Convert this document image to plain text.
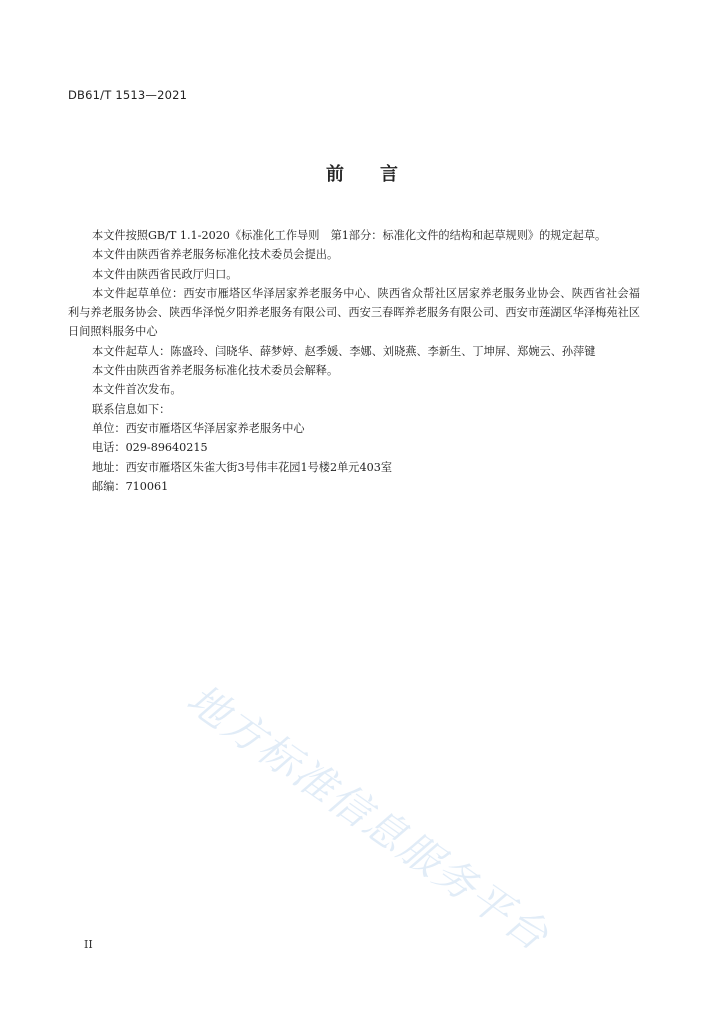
DB61/T 1513—2021
前 言

本文件按照GB/T 1.1-2020《标准化工作导则　第1部分：标准化文件的结构和起草规则》的规定起草。

本文件由陕西省养老服务标准化技术委员会提出。

本文件由陕西省民政厅归口。

本文件起草单位：西安市雁塔区华泽居家养老服务中心、陕西省众帮社区居家养老服务业协会、陕西省社会福利与养老服务协会、陕西华泽悦夕阳养老服务有限公司、西安三春晖养老服务有限公司、西安市莲湖区华泽梅苑社区日间照料服务中心

本文件起草人：陈盛玲、闫晓华、薛梦婷、赵季媛、李娜、刘晓燕、李新生、丁坤屏、郑婉云、孙萍键

本文件由陕西省养老服务标准化技术委员会解释。

本文件首次发布。

联系信息如下：

单位：西安市雁塔区华泽居家养老服务中心

电话：029-89640215

地址：西安市雁塔区朱雀大街3号伟丰花园1号楼2单元403室

邮编：710061

地方标准信息服务平台
II
